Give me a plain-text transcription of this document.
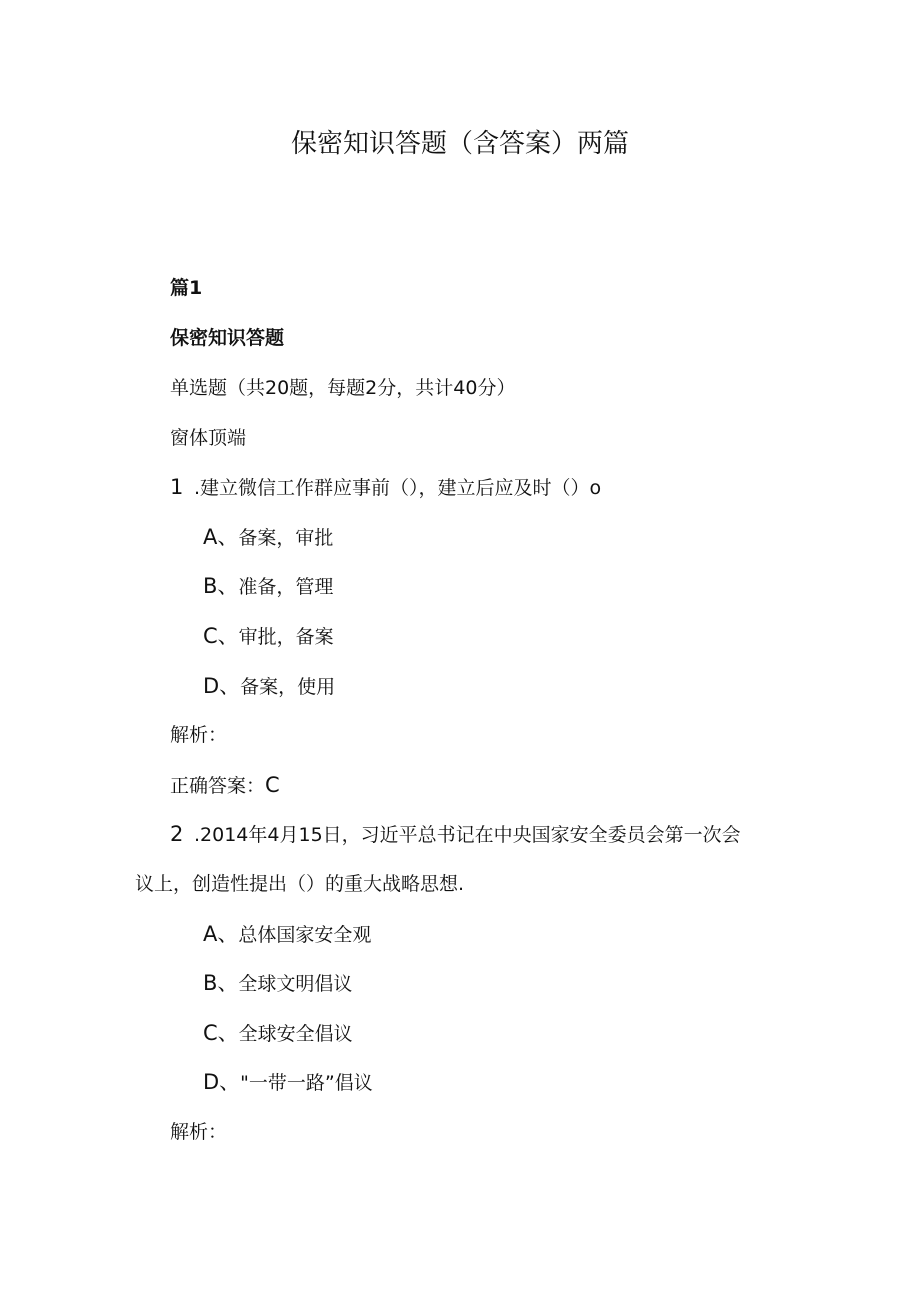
保密知识答题（含答案）两篇
篇1
保密知识答题
单选题（共20题，每题2分，共计40分）
窗体顶端
1 .建立微信工作群应事前（），建立后应及时（）o
A、备案，审批
B、准备，管理
C、审批，备案
D、备案，使用
解析：
正确答案：C
2 .2014年4月15日，习近平总书记在中央国家安全委员会第一次会
议上，创造性提出（）的重大战略思想.
A、总体国家安全观
B、全球文明倡议
C、全球安全倡议
D、"一带一路”倡议
解析：
